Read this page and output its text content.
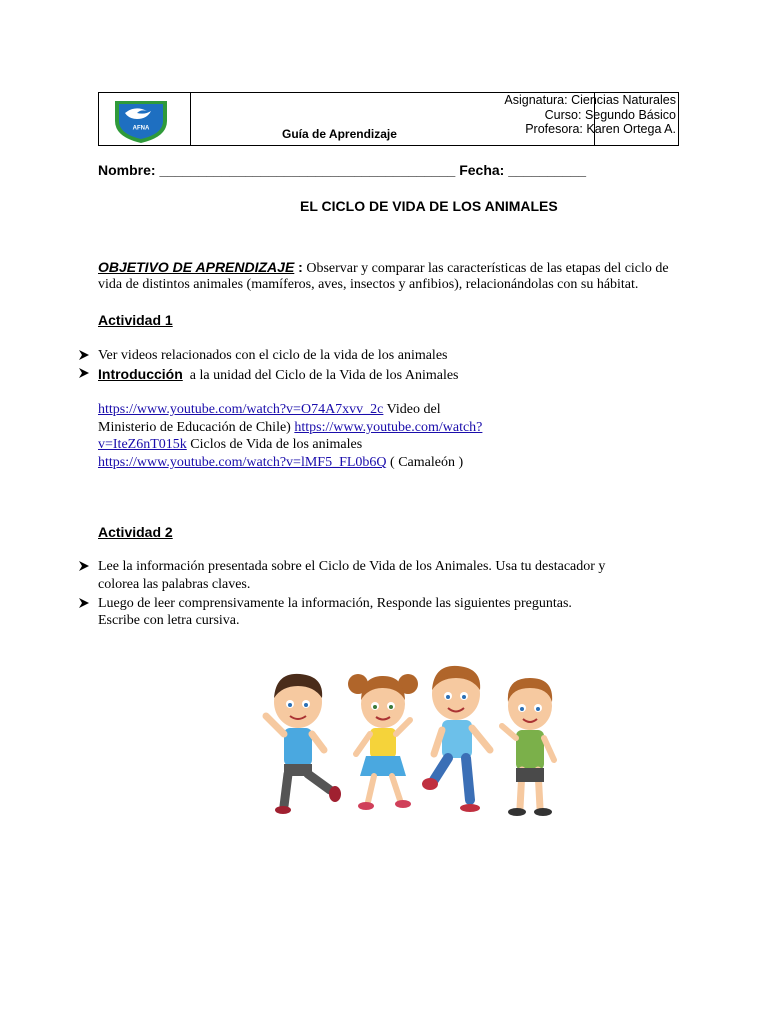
AFNA	Guía de Aprendizaje
Asignatura: Ciencias Naturales
Curso: Segundo Básico
Profesora: Karen Ortega A.
Nombre: ______________________________________ Fecha: __________
EL CICLO DE VIDA DE LOS ANIMALES
OBJETIVO DE APRENDIZAJE : Observar y comparar las características de las etapas del ciclo de
vida de distintos animales (mamíferos, aves, insectos y anfibios), relacionándolas con su hábitat.
Actividad 1
Ver videos relacionados con el ciclo de la vida de los animales
Introducción a la unidad del Ciclo de la Vida de los Animales
https://www.youtube.com/watch?v=O74A7xvv_2c Video del
Ministerio de Educación de Chile) https://www.youtube.com/watch?
v=IteZ6nT015k Ciclos de Vida de los animales
https://www.youtube.com/watch?v=lMF5_FL0b6Q ( Camaleón )
Actividad 2
Lee la información presentada sobre el Ciclo de Vida de los Animales. Usa tu destacador y
colorea las palabras claves.
Luego de leer comprensivamente la información, Responde las siguientes preguntas.
Escribe con letra cursiva.
